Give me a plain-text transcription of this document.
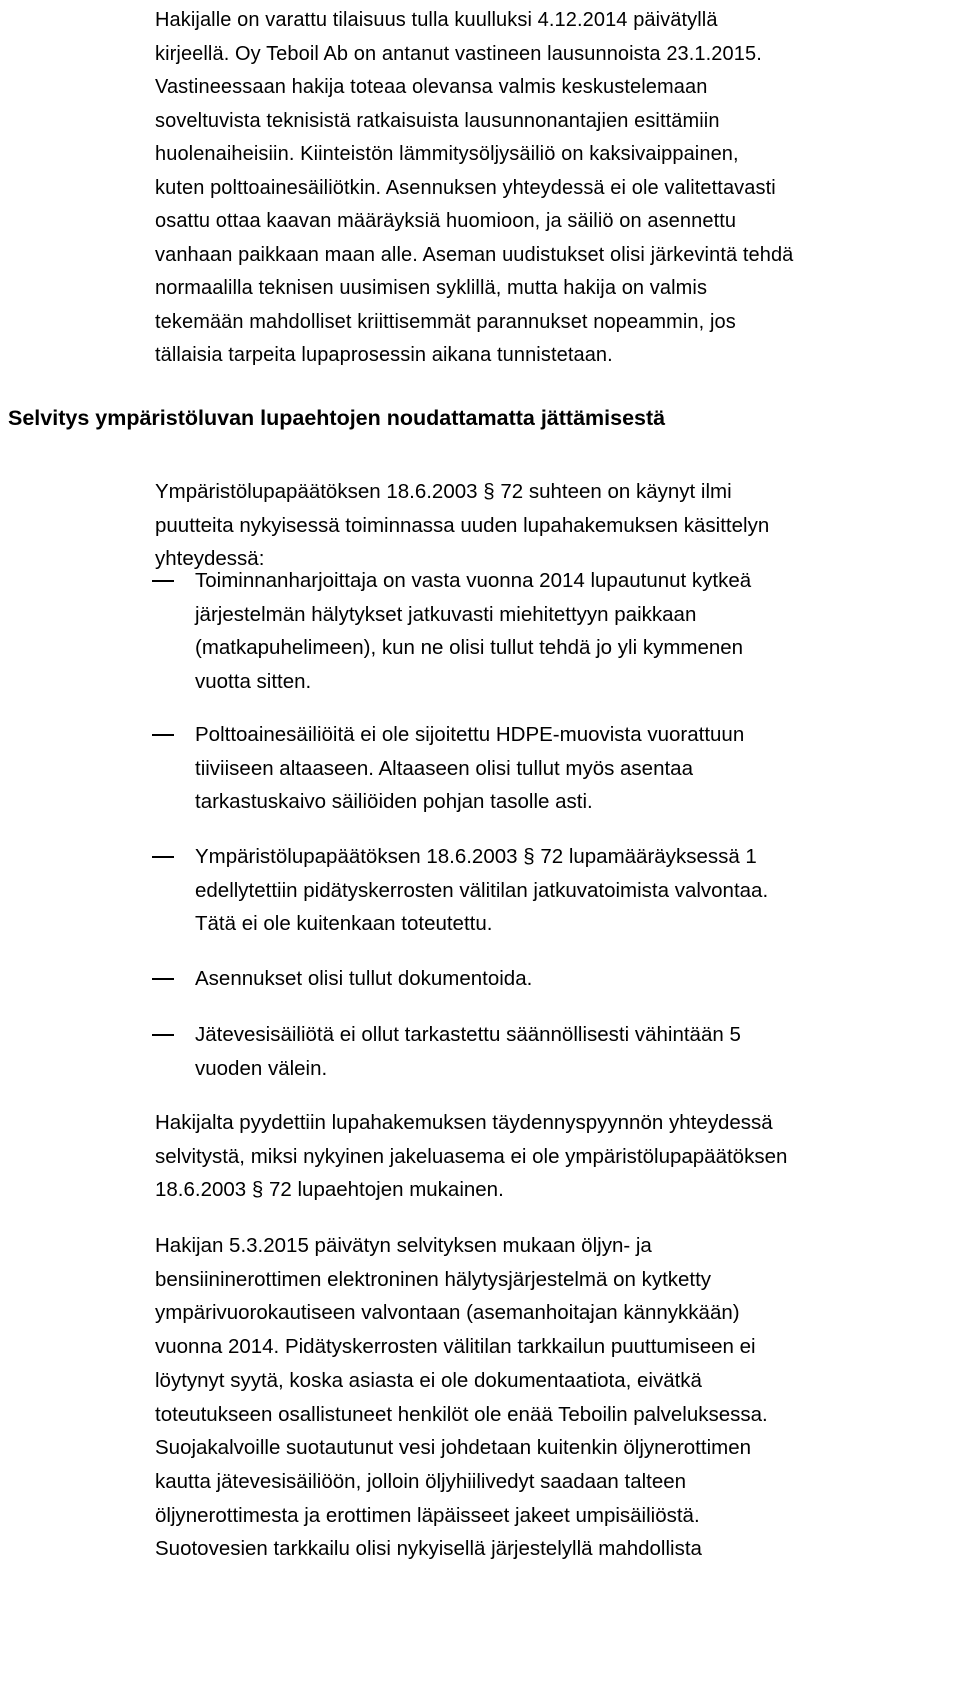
Hakijalle on varattu tilaisuus tulla kuulluksi 4.12.2014 päivätyllä
kirjeellä. Oy Teboil Ab on antanut vastineen lausunnoista 23.1.2015.
Vastineessaan hakija toteaa olevansa valmis keskustelemaan
soveltuvista teknisistä ratkaisuista lausunnonantajien esittämiin
huolenaiheisiin. Kiinteistön lämmitysöljysäiliö on kaksivaippainen,
kuten polttoainesäiliötkin. Asennuksen yhteydessä ei ole valitettavasti
osattu ottaa kaavan määräyksiä huomioon, ja säiliö on asennettu
vanhaan paikkaan maan alle. Aseman uudistukset olisi järkevintä tehdä
normaalilla teknisen uusimisen syklillä, mutta hakija on valmis
tekemään mahdolliset kriittisemmät parannukset nopeammin, jos
tällaisia tarpeita lupaprosessin aikana tunnistetaan.

Selvitys ympäristöluvan lupaehtojen noudattamatta jättämisestä

Ympäristölupapäätöksen 18.6.2003 § 72 suhteen on käynyt ilmi
puutteita nykyisessä toiminnassa uuden lupahakemuksen käsittelyn
yhteydessä:

Toiminnanharjoittaja on vasta vuonna 2014 lupautunut kytkeä
järjestelmän hälytykset jatkuvasti miehitettyyn paikkaan
(matkapuhelimeen), kun ne olisi tullut tehdä jo yli kymmenen
vuotta sitten.

Polttoainesäiliöitä ei ole sijoitettu HDPE-muovista vuorattuun
tiiviiseen altaaseen. Altaaseen olisi tullut myös asentaa
tarkastuskaivo säiliöiden pohjan tasolle asti.

Ympäristölupapäätöksen 18.6.2003 § 72 lupamääräyksessä 1
edellytettiin pidätyskerrosten välitilan jatkuvatoimista valvontaa.
Tätä ei ole kuitenkaan toteutettu.

Asennukset olisi tullut dokumentoida.

Jätevesisäiliötä ei ollut tarkastettu säännöllisesti vähintään 5
vuoden välein.

Hakijalta pyydettiin lupahakemuksen täydennyspyynnön yhteydessä
selvitystä, miksi nykyinen jakeluasema ei ole ympäristölupapäätöksen
18.6.2003 § 72 lupaehtojen mukainen.

Hakijan 5.3.2015 päivätyn selvityksen mukaan öljyn- ja
bensiininerottimen elektroninen hälytysjärjestelmä on kytketty
ympärivuorokautiseen valvontaan (asemanhoitajan kännykkään)
vuonna 2014. Pidätyskerrosten välitilan tarkkailun puuttumiseen ei
löytynyt syytä, koska asiasta ei ole dokumentaatiota, eivätkä
toteutukseen osallistuneet henkilöt ole enää Teboilin palveluksessa.
Suojakalvoille suotautunut vesi johdetaan kuitenkin öljynerottimen
kautta jätevesisäiliöön, jolloin öljyhiilivedyt saadaan talteen
öljynerottimesta ja erottimen läpäisseet jakeet umpisäiliöstä.
Suotovesien tarkkailu olisi nykyisellä järjestelyllä mahdollista
